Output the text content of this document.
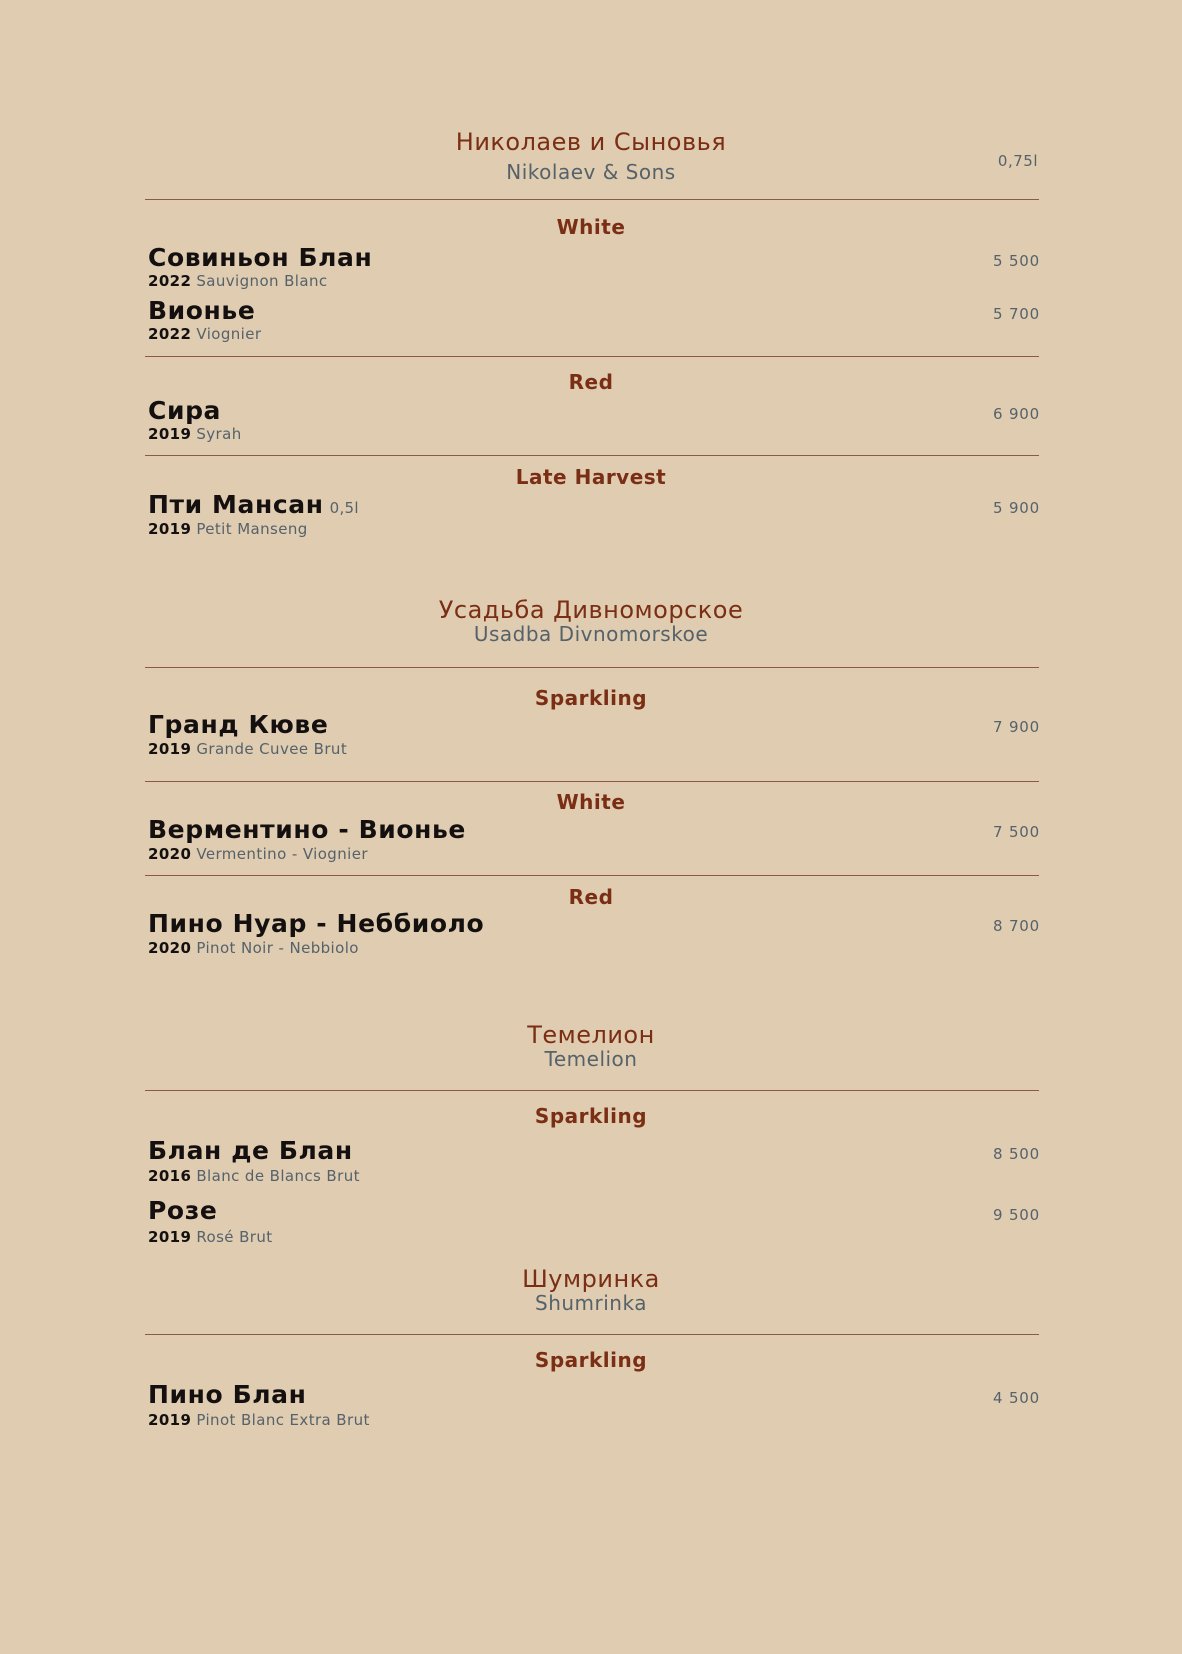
Николаев и Сыновья
Nikolaev & Sons	0,75l
White
Совиньон Блан
2022 Sauvignon Blanc
5 500
Вионье
2022 Viognier
5 700
Red
Сира
2019 Syrah
6 900
Late Harvest
Пти Мансан 0,5l
2019 Petit Manseng
5 900
Усадьба Дивноморское
Usadba Divnomorskoe
Sparkling
Гранд Кюве
2019 Grande Cuvee Brut
7 900
White
Верментино - Вионье
2020 Vermentino - Viognier
7 500
Red
Пино Нуар - Неббиоло
2020 Pinot Noir - Nebbiolo
8 700
Темелион
Temelion
Sparkling
Блан де Блан
2016 Blanc de Blancs Brut
8 500
Розе
2019 Rosé Brut
9 500
Шумринка
Shumrinka
Sparkling
Пино Блан
2019 Pinot Blanc Extra Brut
4 500
